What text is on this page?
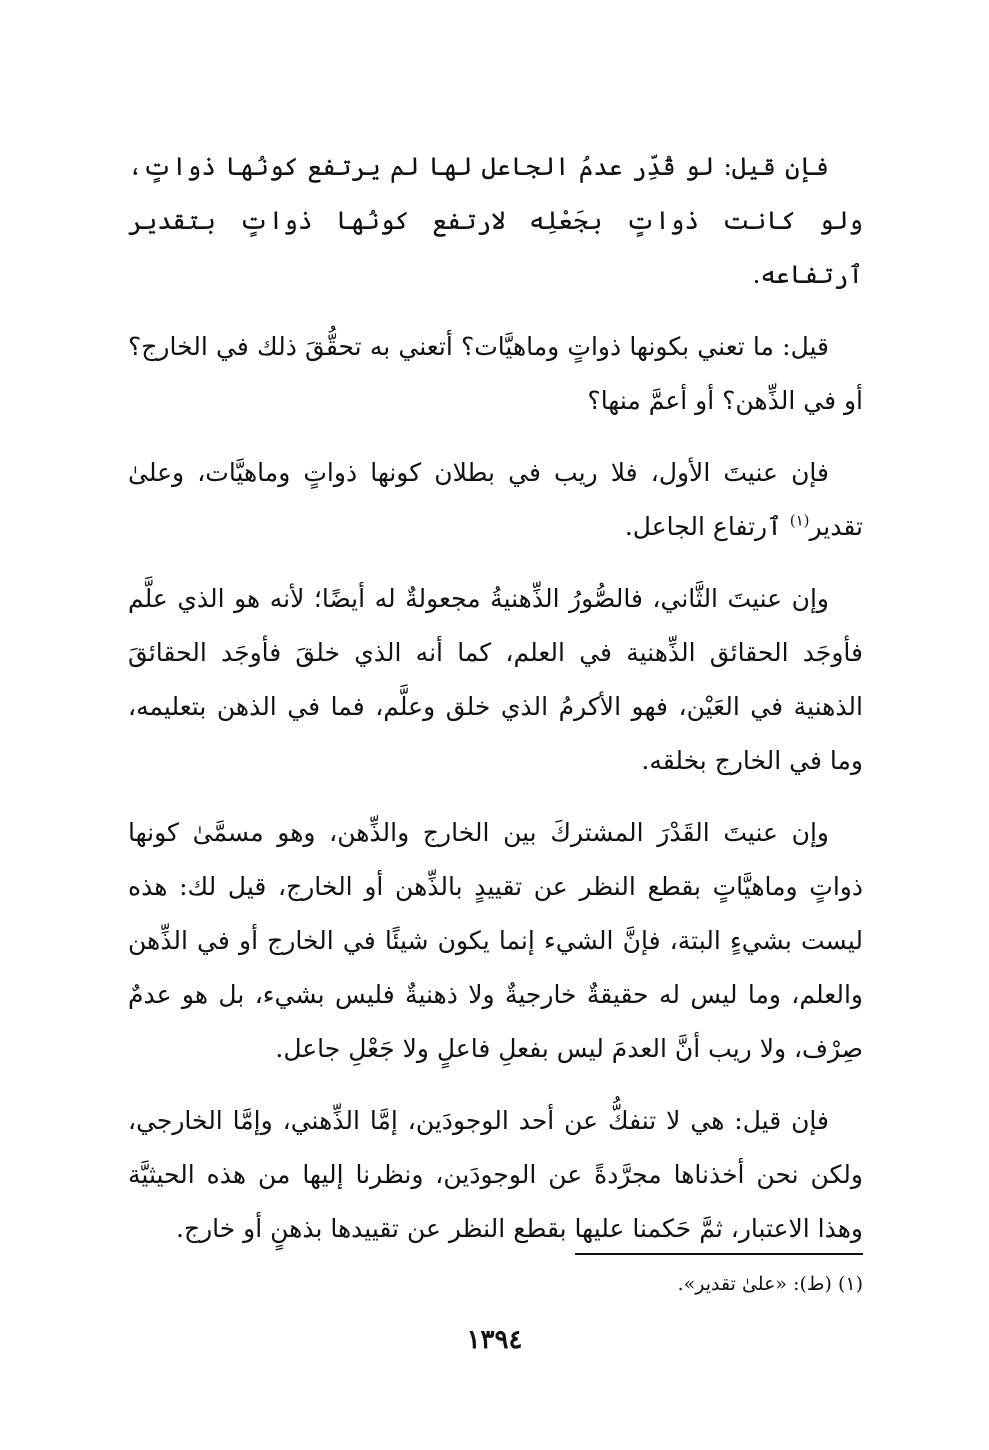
فإن قيل: لو قُدِّر عدمُ الجاعل لها لم يرتفع كونُها ذواتٍ، ولو كانت ذواتٍ بجَعْلِه لارتفع كونُها ذواتٍ بتقدير ٱرتفاعه.

قيل: ما تعني بكونها ذواتٍ وماهيَّات؟ أتعني به تحقُّقَ ذلك في الخارج؟ أو في الذِّهن؟ أو أعمَّ منها؟

فإن عنيتَ الأول، فلا ريب في بطلان كونها ذواتٍ وماهيَّات، وعلىٰ تقدير$^{(١)}$ ٱرتفاع الجاعل.

وإن عنيتَ الثَّاني، فالصُّورُ الذِّهنيةُ مجعولةٌ له أيضًا؛ لأنه هو الذي علَّم فأوجَد الحقائق الذِّهنية في العلم، كما أنه الذي خلقَ فأوجَد الحقائقَ الذهنية في العَيْن، فهو الأكرمُ الذي خلق وعلَّم، فما في الذهن بتعليمه، وما في الخارج بخلقه.

وإن عنيتَ القَدْرَ المشتركَ بين الخارج والذِّهن، وهو مسمَّىٰ كونها ذواتٍ وماهيَّاتٍ بقطع النظر عن تقييدٍ بالذِّهن أو الخارج، قيل لك: هذه ليست بشيءٍ البتة، فإنَّ الشيء إنما يكون شيئًا في الخارج أو في الذِّهن والعلم، وما ليس له حقيقةٌ خارجيةٌ ولا ذهنيةٌ فليس بشيء، بل هو عدمٌ صِرْف، ولا ريب أنَّ العدمَ ليس بفعلِ فاعلٍ ولا جَعْلِ جاعل.

فإن قيل: هي لا تنفكُّ عن أحد الوجودَين، إمَّا الذِّهني، وإمَّا الخارجي، ولكن نحن أخذناها مجرَّدةً عن الوجودَين، ونظرنا إليها من هذه الحيثيَّة وهذا الاعتبار، ثمَّ حَكمنا عليها بقطع النظر عن تقييدها بذهنٍ أو خارج.

(١) (ط): «علىٰ تقدير».
١٣٩٤
